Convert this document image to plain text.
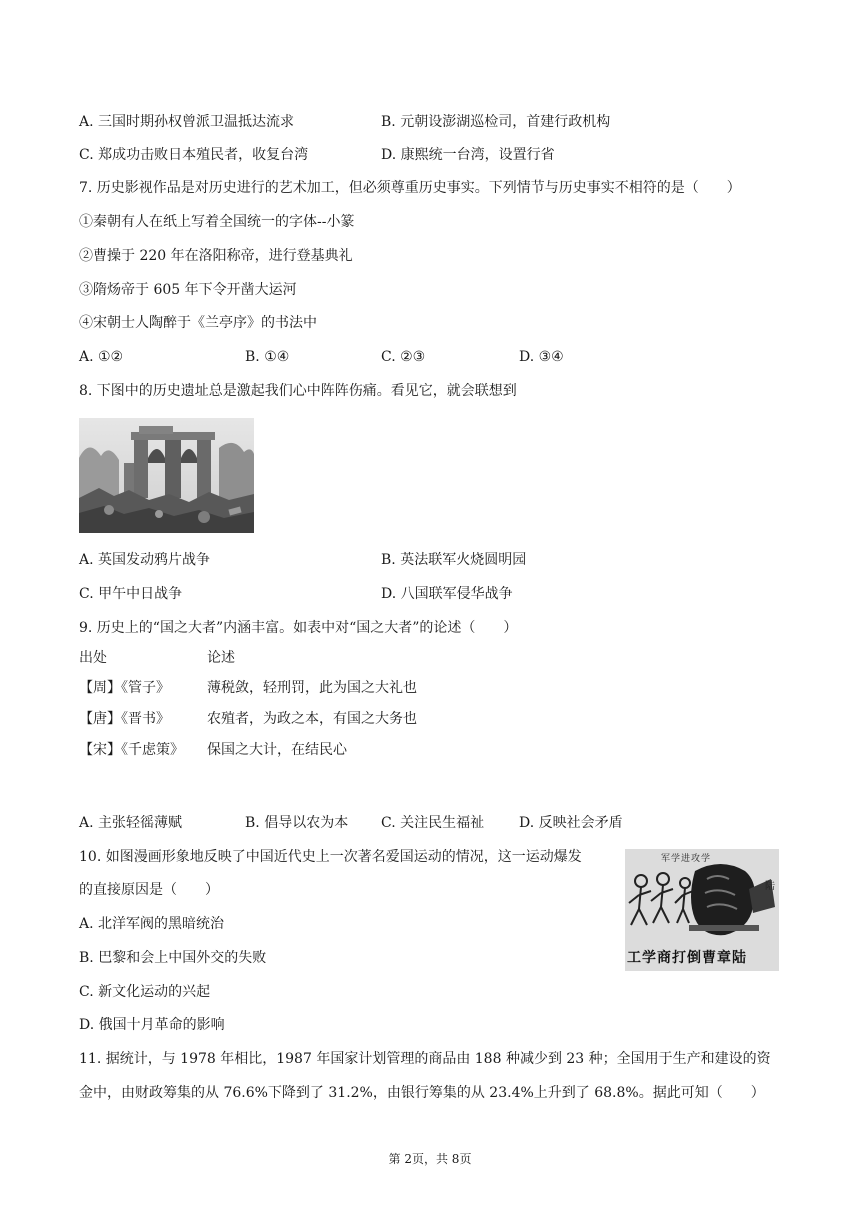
A. 三国时期孙权曾派卫温抵达流求	B. 元朝设澎湖巡检司，首建行政机构
C. 郑成功击败日本殖民者，收复台湾	D. 康熙统一台湾，设置行省
7. 历史影视作品是对历史进行的艺术加工，但必须尊重历史事实。下列情节与历史事实不相符的是（　　）
①秦朝有人在纸上写着全国统一的字体--小篆
②曹操于 220 年在洛阳称帝，进行登基典礼
③隋炀帝于 605 年下令开凿大运河
④宋朝士人陶醉于《兰亭序》的书法中
A. ①②	B. ①④	C. ②③	D. ③④
8. 下图中的历史遗址总是激起我们心中阵阵伤痛。看见它，就会联想到
A. 英国发动鸦片战争	B. 英法联军火烧圆明园
C. 甲午中日战争	D. 八国联军侵华战争
9. 历史上的“国之大者”内涵丰富。如表中对“国之大者”的论述（　　）
出处	论述
【周】《管子》	薄税敛，轻刑罚，此为国之大礼也
【唐】《晋书》	农殖者，为政之本，有国之大务也
【宋】《千虑策》 保国之大计，在结民心
A. 主张轻徭薄赋	B. 倡导以农为本 C. 关注民生福祉 D. 反映社会矛盾
10. 如图漫画形象地反映了中国近代史上一次著名爱国运动的情况，这一运动爆发
的直接原因是（　　）
A. 北洋军阀的黑暗统治
B. 巴黎和会上中国外交的失败
C. 新文化运动的兴起
D. 俄国十月革命的影响
军学进攻学
陆
工学商打倒曹章陆
11. 据统计，与 1978 年相比，1987 年国家计划管理的商品由 188 种减少到 23 种；全国用于生产和建设的资
金中，由财政筹集的从 76.6%下降到了 31.2%，由银行筹集的从 23.4%上升到了 68.8%。据此可知（　　）
第 2页，共 8页
